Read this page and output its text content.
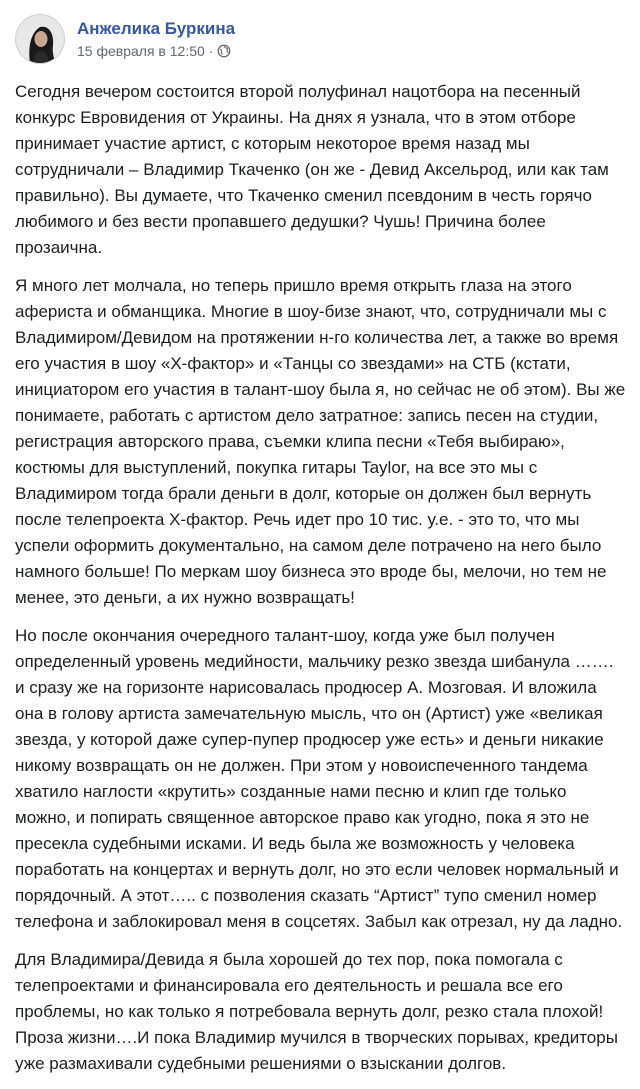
Анжелика Буркина
15 февраля в 12:50 ·

Сегодня вечером состоится второй полуфинал нацотбора на песенный конкурс Евровидения от Украины. На днях я узнала, что в этом отборе принимает участие артист, с которым некоторое время назад мы сотрудничали – Владимир Ткаченко (он же - Девид Аксельрод, или как там правильно). Вы думаете, что Ткаченко сменил псевдоним в честь горячо любимого и без вести пропавшего дедушки? Чушь! Причина более прозаична.

Я много лет молчала, но теперь пришло время открыть глаза на этого афериста и обманщика. Многие в шоу-бизе знают, что, сотрудничали мы с Владимиром/Девидом на протяжении н-го количества лет, а также во время его участия в шоу «Х-фактор» и «Танцы со звездами» на СТБ (кстати, инициатором его участия в талант-шоу была я, но сейчас не об этом). Вы же понимаете, работать с артистом дело затратное: запись песен на студии, регистрация авторского права, съемки клипа песни «Тебя выбираю», костюмы для выступлений, покупка гитары Taylor, на все это мы с Владимиром тогда брали деньги в долг, которые он должен был вернуть после телепроекта Х-фактор. Речь идет про 10 тис. у.е. - это то, что мы успели оформить документально, на самом деле потрачено на него было намного больше! По меркам шоу бизнеса это вроде бы, мелочи, но тем не менее, это деньги, а их нужно возвращать!

Но после окончания очередного талант-шоу, когда уже был получен определенный уровень медийности, мальчику резко звезда шибанула ……. и сразу же на горизонте нарисовалась продюсер А. Мозговая. И вложила она в голову артиста замечательную мысль, что он (Артист) уже «великая звезда, у которой даже супер-пупер продюсер уже есть» и деньги никакие никому возвращать он не должен. При этом у новоиспеченного тандема хватило наглости «крутить» созданные нами песню и клип где только можно, и попирать священное авторское право как угодно, пока я это не пресекла судебными исками. И ведь была же возможность у человека поработать на концертах и вернуть долг, но это если человек нормальный и порядочный. А этот….. с позволения сказать “Артист” тупо сменил номер телефона и заблокировал меня в соцсетях. Забыл как отрезал, ну да ладно.

Для Владимира/Девида я была хорошей до тех пор, пока помогала с телепроектами и финансировала его деятельность и решала все его проблемы, но как только я потребовала вернуть долг, резко стала плохой! Проза жизни….И пока Владимир мучился в творческих порывах, кредиторы уже размахивали судебными решениями о взыскании долгов.
